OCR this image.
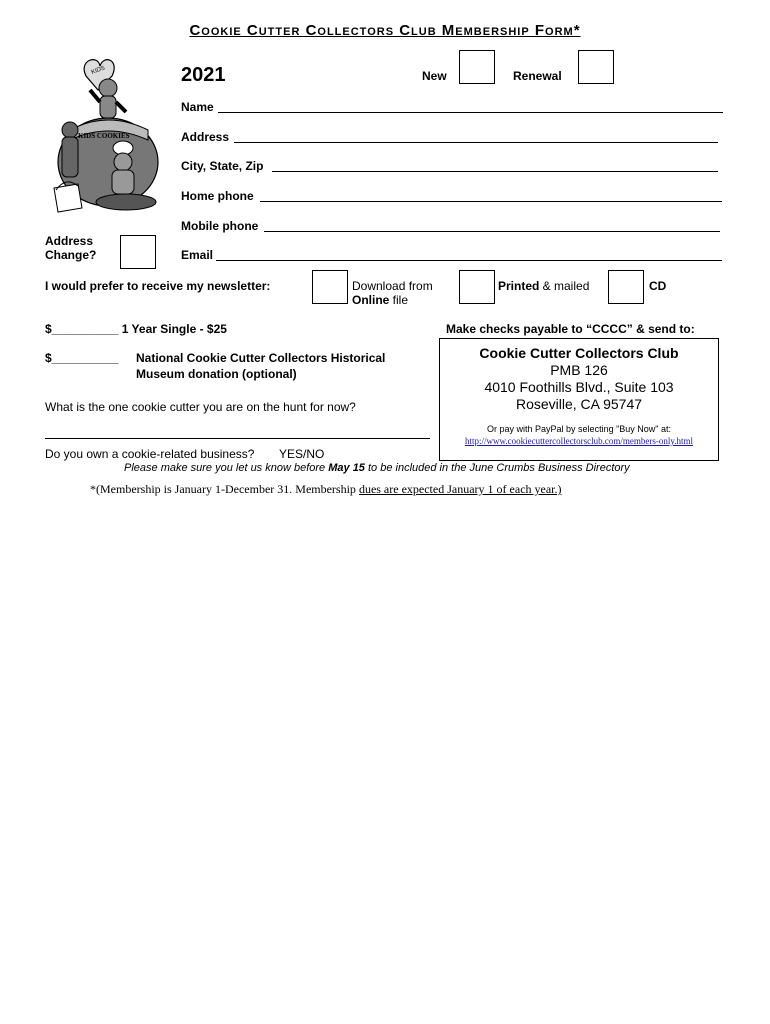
Cookie Cutter Collectors Club Membership Form*
KIDS
KIDS COOKIES
2021	New	Renewal
Name
Address
City, State, Zip
Home phone
Mobile phone
Email
Address
Change?
I would prefer to receive my newsletter:	Download from
Online file
Printed & mailed	CD
$__________ 1 Year Single - $25
$__________ National Cookie Cutter Collectors Historical
Museum donation (optional)
What is the one cookie cutter you are on the hunt for now?
Do you own a cookie-related business? YES/NO
Make checks payable to “CCCC” & send to:
Cookie Cutter Collectors Club
PMB 126
4010 Foothills Blvd., Suite 103
Roseville, CA 95747
Or pay with PayPal by selecting "Buy Now" at:
http://www.cookiecuttercollectorsclub.com/members-only.html
Please make sure you let us know before May 15 to be included in the June Crumbs Business Directory
*(Membership is January 1-December 31. Membership dues are expected January 1 of each year.)
